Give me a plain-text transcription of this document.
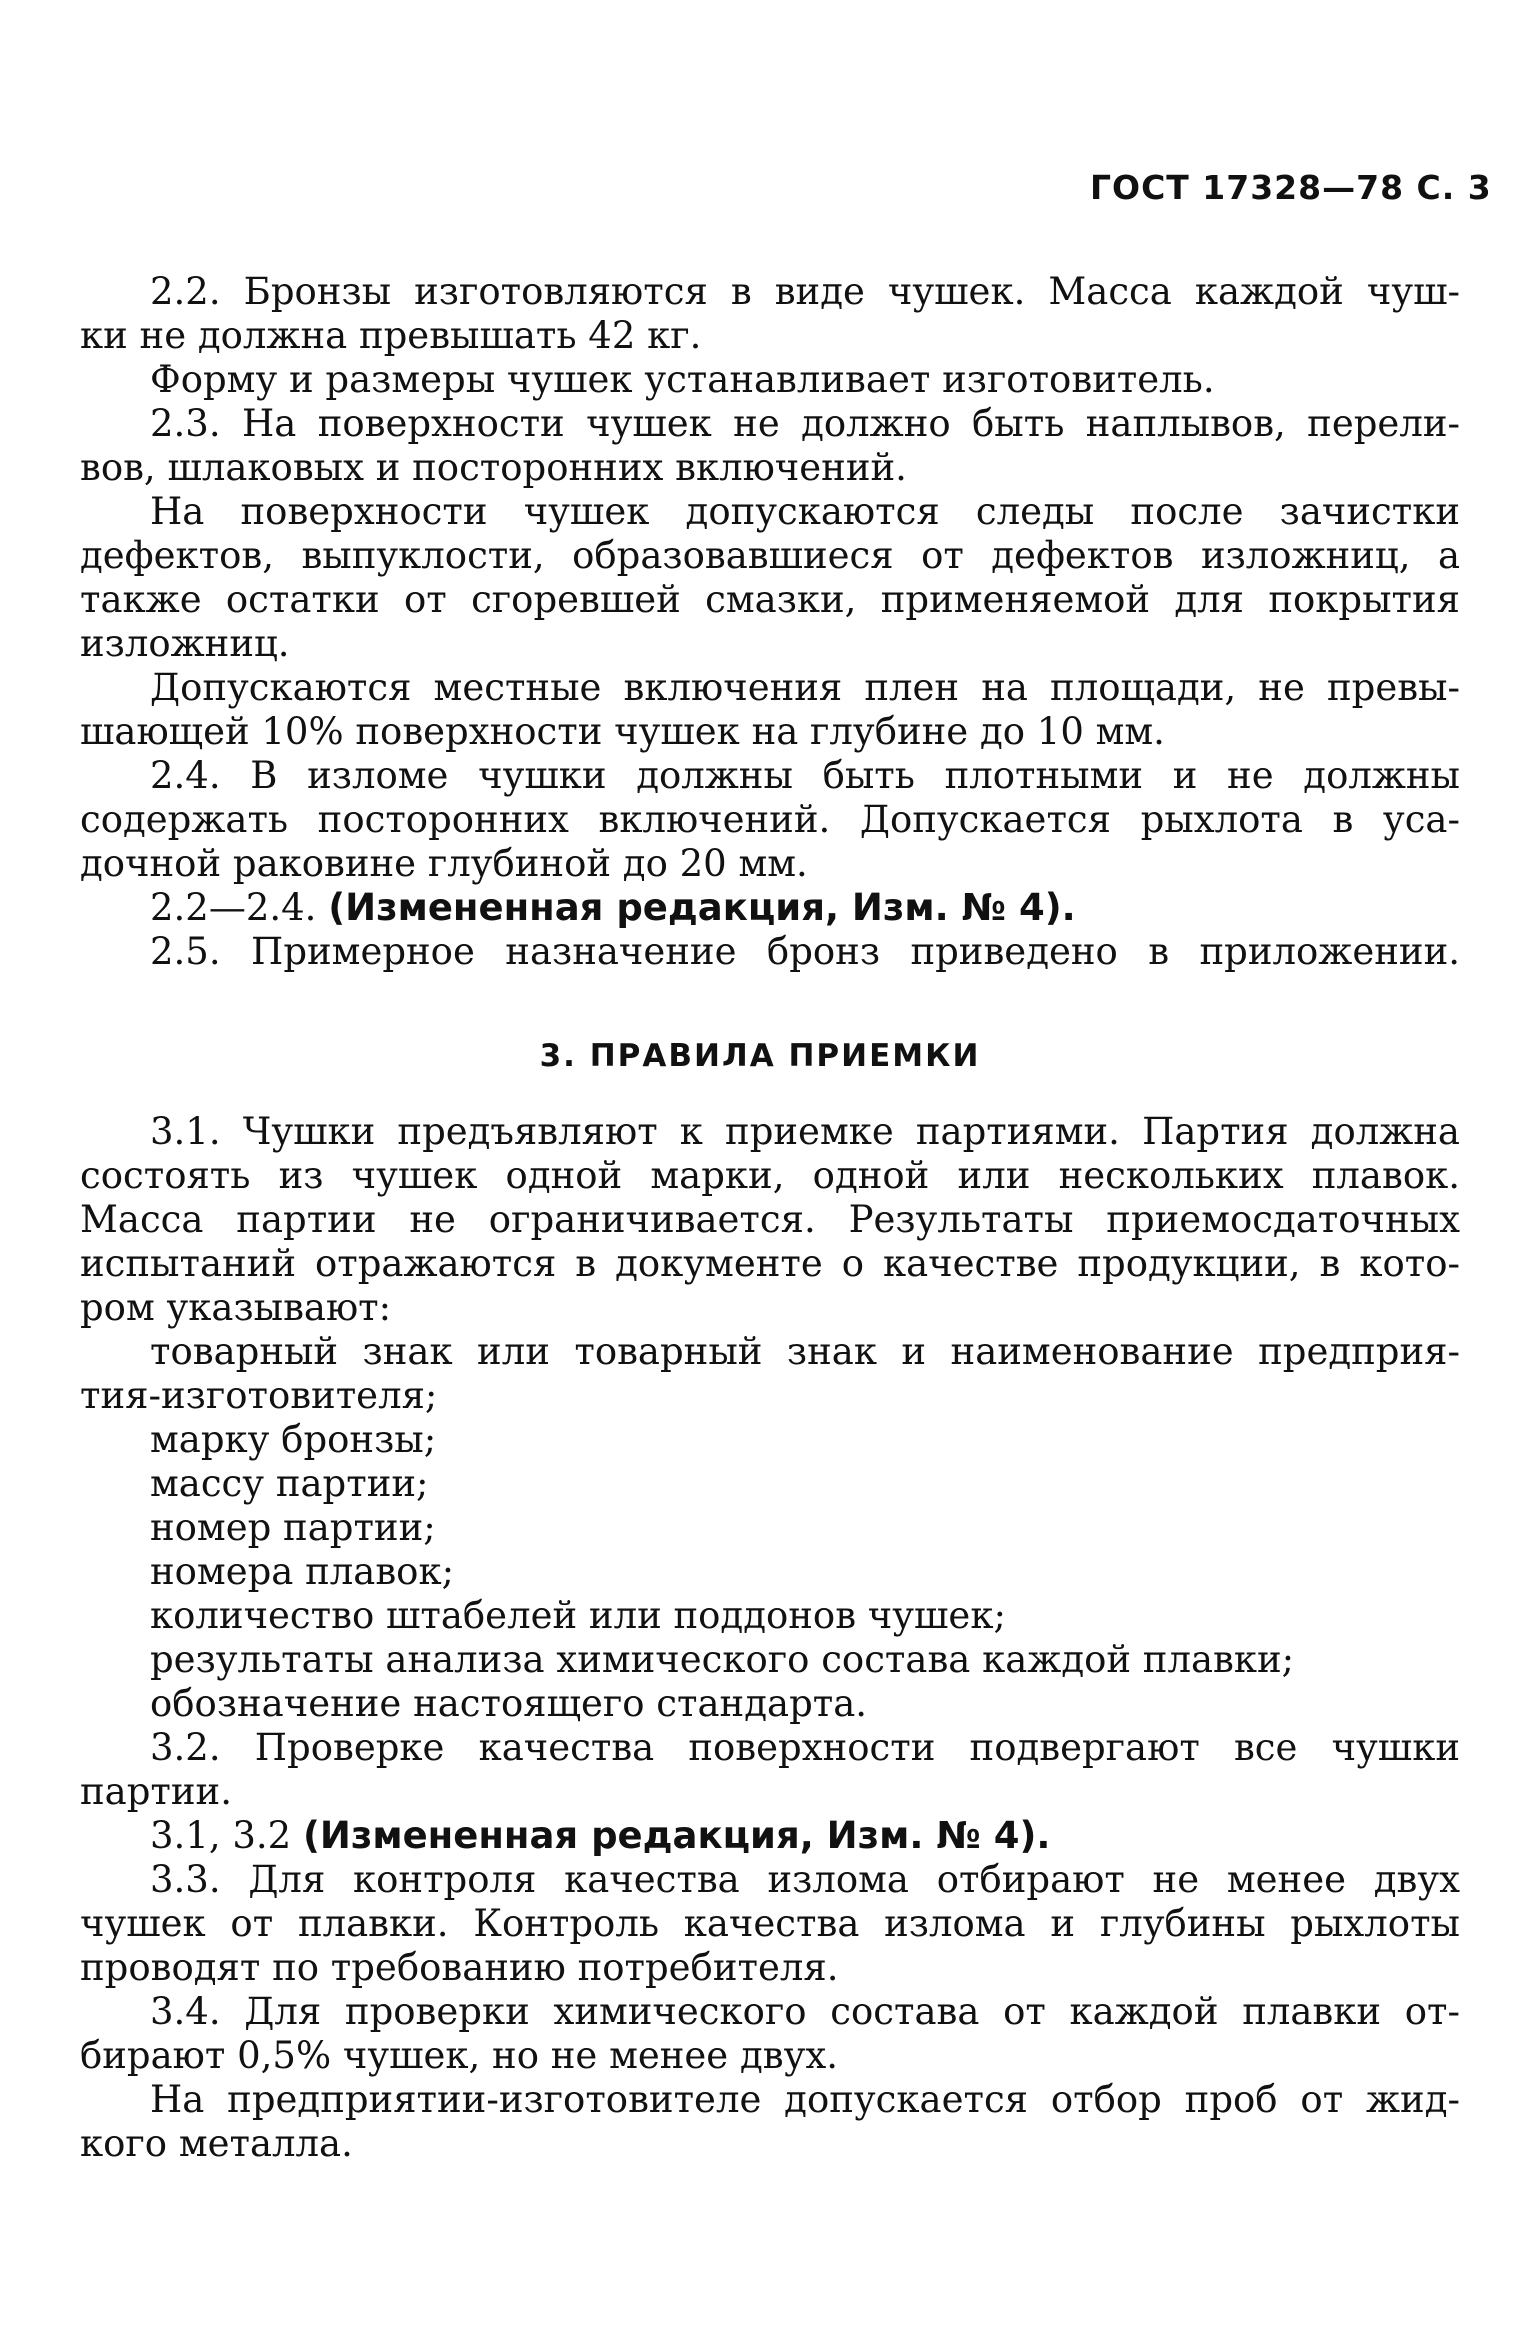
ГОСТ 17328—78 С. 3
2.2. Бронзы изготовляются в виде чушек. Масса каждой чуш-
ки не должна превышать 42 кг.
Форму и размеры чушек устанавливает изготовитель.
2.3. На поверхности чушек не должно быть наплывов, перели-
вов, шлаковых и посторонних включений.
На поверхности чушек допускаются следы после зачистки
дефектов, выпуклости, образовавшиеся от дефектов изложниц, а
также остатки от сгоревшей смазки, применяемой для покрытия
изложниц.
Допускаются местные включения плен на площади, не превы-
шающей 10% поверхности чушек на глубине до 10 мм.
2.4. В изломе чушки должны быть плотными и не должны
содержать посторонних включений. Допускается рыхлота в уса-
дочной раковине глубиной до 20 мм.
2.2—2.4. (Измененная редакция, Изм. № 4).
2.5. Примерное назначение бронз приведено в приложении.
3. ПРАВИЛА ПРИЕМКИ
3.1. Чушки предъявляют к приемке партиями. Партия должна
состоять из чушек одной марки, одной или нескольких плавок.
Масса партии не ограничивается. Результаты приемосдаточных
испытаний отражаются в документе о качестве продукции, в кото-
ром указывают:
товарный знак или товарный знак и наименование предприя-
тия-изготовителя;
марку бронзы;
массу партии;
номер партии;
номера плавок;
количество штабелей или поддонов чушек;
результаты анализа химического состава каждой плавки;
обозначение настоящего стандарта.
3.2. Проверке качества поверхности подвергают все чушки
партии.
3.1, 3.2 (Измененная редакция, Изм. № 4).
3.3. Для контроля качества излома отбирают не менее двух
чушек от плавки. Контроль качества излома и глубины рыхлоты
проводят по требованию потребителя.
3.4. Для проверки химического состава от каждой плавки от-
бирают 0,5% чушек, но не менее двух.
На предприятии-изготовителе допускается отбор проб от жид-
кого металла.
